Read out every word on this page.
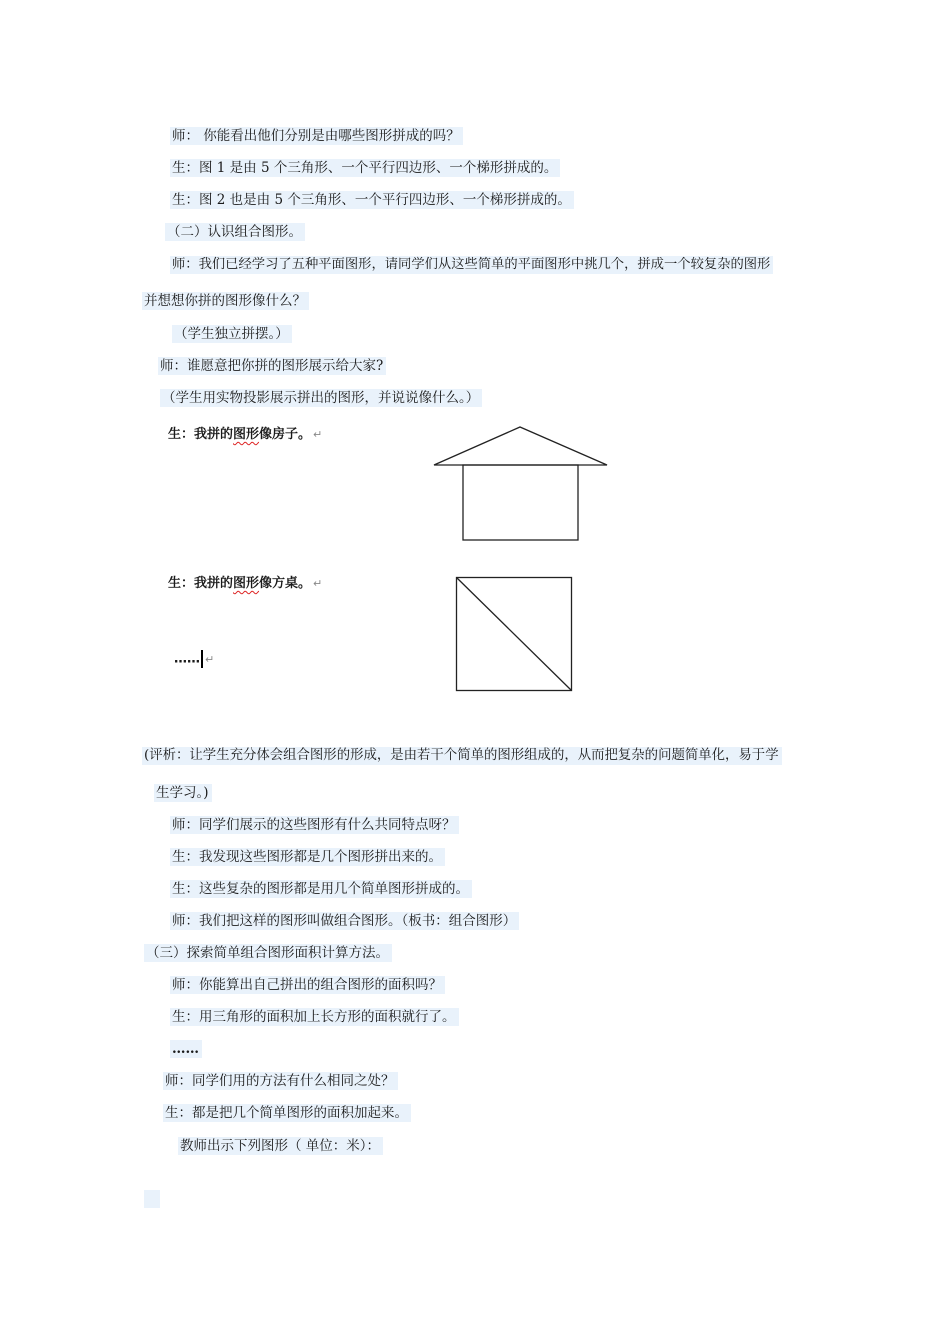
师： 你能看出他们分别是由哪些图形拼成的吗？
生：图 1 是由 5 个三角形、一个平行四边形、一个梯形拼成的。
生：图 2 也是由 5 个三角形、一个平行四边形、一个梯形拼成的。
（二）认识组合图形。
师：我们已经学习了五种平面图形，请同学们从这些简单的平面图形中挑几个，拼成一个较复杂的图形
并想想你拼的图形像什么？
（学生独立拼摆。）
师：谁愿意把你拼的图形展示给大家?
（学生用实物投影展示拼出的图形，并说说像什么。）
生：我拼的图形像房子。 ↵
生：我拼的图形像方桌。 ↵
…… ↵
(评析：让学生充分体会组合图形的形成，是由若干个简单的图形组成的，从而把复杂的问题简单化，易于学
生学习。)
师：同学们展示的这些图形有什么共同特点呀？
生：我发现这些图形都是几个图形拼出来的。
生：这些复杂的图形都是用几个简单图形拼成的。
师：我们把这样的图形叫做组合图形。（板书：组合图形）
（三）探索简单组合图形面积计算方法。
师：你能算出自己拼出的组合图形的面积吗？
生：用三角形的面积加上长方形的面积就行了。
……
师：同学们用的方法有什么相同之处？
生：都是把几个简单图形的面积加起来。
教师出示下列图形（ 单位：米）：
